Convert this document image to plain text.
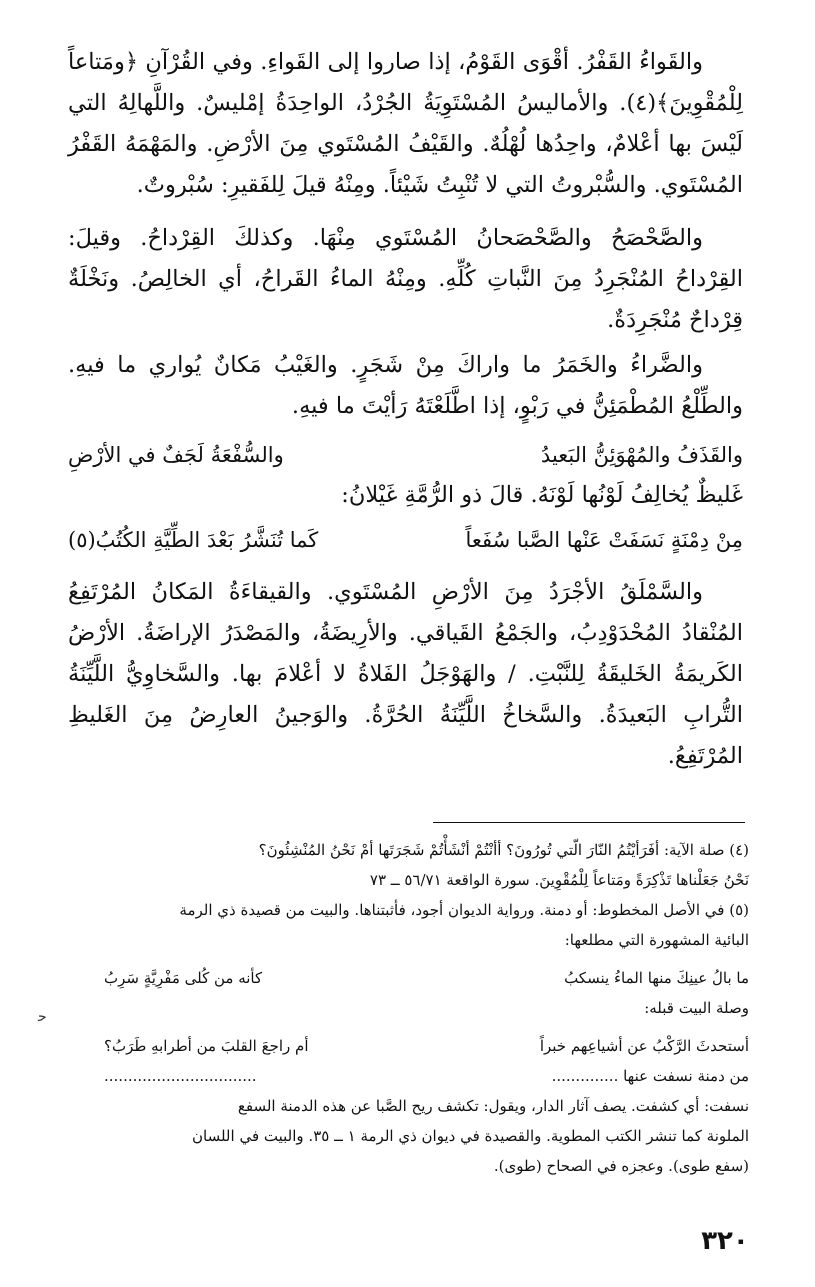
والقَواءُ القَفْرُ. أقْوَى القَوْمُ، إذا صاروا إلى القَواءِ. وفي القُرْآنِ ﴿ومَتاعاً لِلْمُقْوِينَ﴾(٤). والأماليسُ المُسْتَوِيَةُ الجُرْدُ، الواحِدَةُ إمْليسٌ. واللَّهالِهُ التي لَيْسَ بها أعْلامٌ، واحِدُها لُهْلُهٌ. والقَيْفُ المُسْتَوي مِنَ الأرْضِ. والمَهْمَهُ القَفْرُ المُسْتَوي. والسُّبْروتُ التي لا تُنْبِتُ شَيْئاً. ومِنْهُ قيلَ لِلفَقيرِ: سُبْروتٌ.

والصَّحْصَحُ والصَّحْصَحانُ المُسْتَوي مِنْهَا. وكذلكَ القِرْداحُ. وقيلَ: القِرْداحُ المُنْجَرِدُ مِنَ النَّباتِ كُلِّهِ. ومِنْهُ الماءُ القَراحُ، أي الخالِصُ. ونَخْلَةٌ قِرْداحٌ مُنْجَرِدَةٌ.

والضَّراءُ والخَمَرُ ما واراكَ مِنْ شَجَرٍ. والغَيْبُ مَكانٌ يُواري ما فيهِ. والطِّلْعُ المُطْمَئِنُّ في رَبْوٍ، إذا اطَّلَعْتَهُ رَأيْتَ ما فيهِ.

والقَذَفُ والمُهْوَئِنُّ البَعيدُ
والسُّفْعَةُ لَجَفٌ في الأرْضِ

غَليظٌ يُخالِفُ لَوْنُها لَوْنَهُ. قالَ ذو الرُّمَّةِ غَيْلانُ:

مِنْ دِمْنَةٍ نَسَفَتْ عَنْها الصَّبا سُفَعاً
كَما تُنَشَّرُ بَعْدَ الطِّيَّةِ الكُتُبُ(٥)

والسَّمْلَقُ الأجْرَدُ مِنَ الأرْضِ المُسْتَوي. والقيقاءَةُ المَكانُ المُرْتَفِعُ المُنْقادُ المُحْدَوْدِبُ، والجَمْعُ القَياقي. والأرِيضَةُ، والمَصْدَرُ الإراضَةُ. الأرْضُ الكَريمَةُ الخَليقَةُ لِلنَّبْتِ. / والهَوْجَلُ الفَلاةُ لا أعْلامَ بها. والسَّخاوِيُّ اللَّيِّنَةُ التُّرابِ البَعيدَةُ. والسَّخاخُ اللَّيِّنَةُ الحُرَّةُ. والوَجينُ العارِضُ مِنَ الغَليظِ المُرْتَفِعُ.

(٤) صلة الآية: أفَرَأيْتُمُ النّارَ الّتي تُورُونَ؟ أأنْتُمْ أنْشَأْتُمْ شَجَرَتَها أمْ نَحْنُ المُنْشِئُونَ؟

نَحْنُ جَعَلْناها تَذْكِرَةً ومَتاعاً لِلْمُقْوِينَ. سورة الواقعة ٥٦/٧١ ــ ٧٣

(٥) في الأصل المخطوط: أو دمنة. ورواية الديوان أجود، فأثبتناها. والبيت من قصيدة ذي الرمة

البائية المشهورة التي مطلعها:

ما بالُ عينِكَ منها الماءُ ينسكبُ
كأنه من كُلى مَفْرِيَّةٍ سَرِبُ

وصلة البيت قبله:

أستحدثَ الرَّكْبُ عن أشياعِهم خبراً
أم راجعَ القلبَ من أطرابهِ طَرَبُ؟
من دمنة نسفت عنها ..............
................................

نسفت: أي كشفت. يصف آثار الدار، ويقول: تكشف ريح الصَّبا عن هذه الدمنة السفع

الملونة كما تنشر الكتب المطوية. والقصيدة في ديوان ذي الرمة ١ ــ ٣٥. والبيت في اللسان

(سفع طوى). وعجزه في الصحاح (طوى).

ﺣ
٣٢٠
